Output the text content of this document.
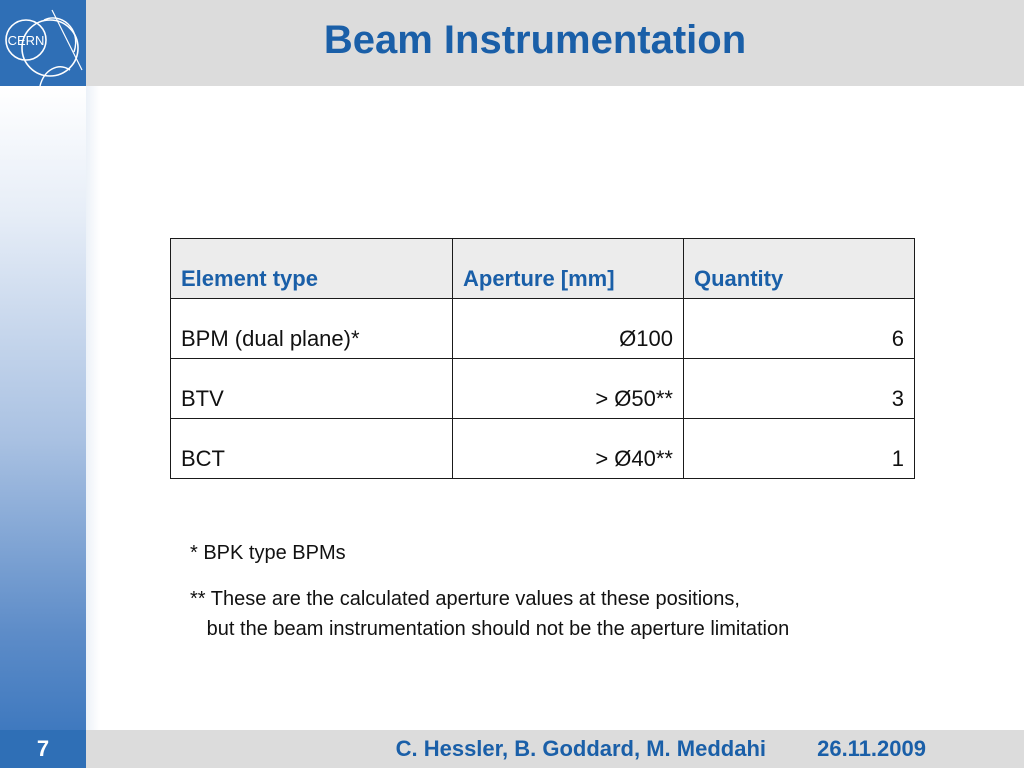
CERN	Beam Instrumentation
Element type	Aperture [mm]	Quantity
BPM (dual plane)*	Ø100	6
BTV	> Ø50**	3
BCT	> Ø40**	1
* BPK type BPMs
** These are the calculated aperture values at these positions,
but the beam instrumentation should not be the aperture limitation
7	C. Hessler, B. Goddard, M. Meddahi 26.11.2009
